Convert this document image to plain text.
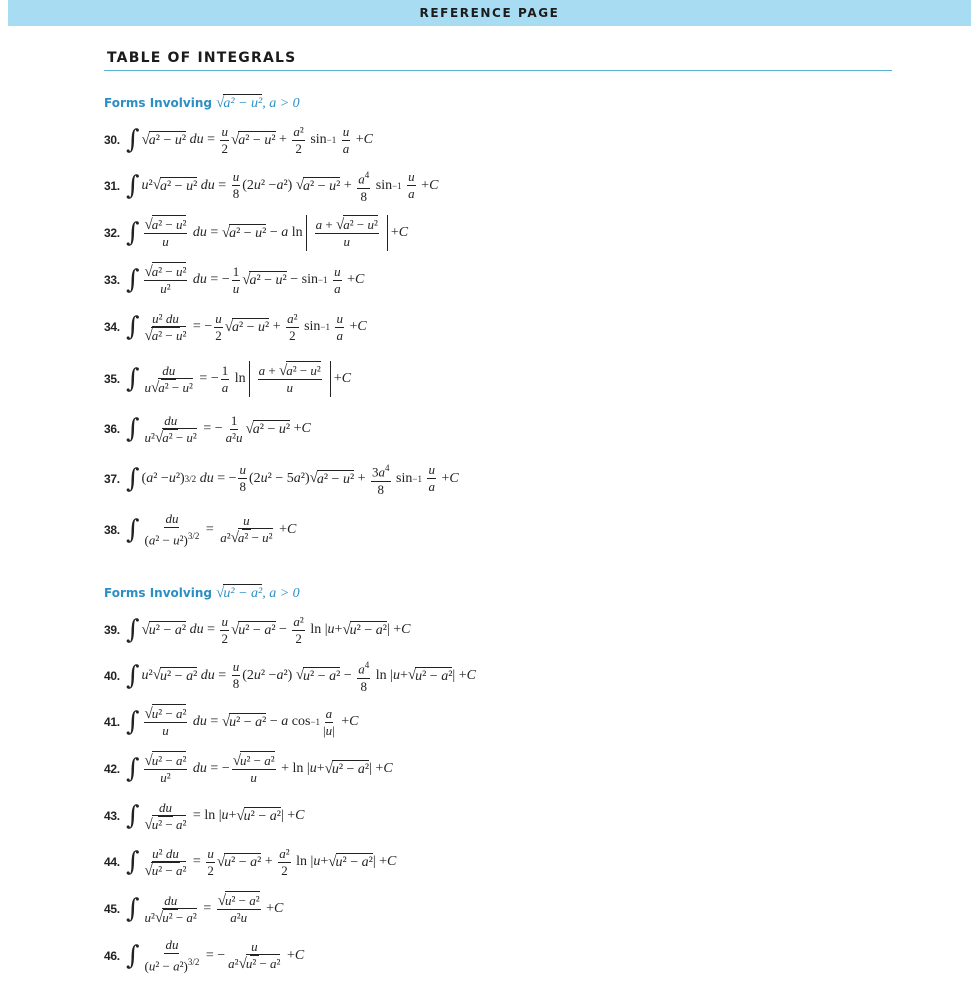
REFERENCE PAGE
TABLE OF INTEGRALS
Forms Involving √a² − u², a > 0
30. ∫ √ a² − u²
du = $\frac{u}{2}$ √ $a^2 - u^2 + \frac{\text{a²}}{2}$ sin −1
$\frac{u}{a} + C$
31. ∫ u ² √ a² − u²
du = $\frac{u}{8} (2$ u ² − a ²) √ $a^2 - u^2 + \frac{a^4}{8}$ sin −1
$\frac{u}{a} + C$
32. ∫ $\frac{\text{√a² − u²}}{u}$
du = √ a² − u² − a $\ln \frac{\text{a + √a² − u²}}{u} + C$
33. ∫ $\frac{\text{√a² − u²}}{\text{u²}}$
du = − $\frac{1}{u}$ √ a² − u² − sin −1
$\frac{u}{a} + C$
34. ∫ $\frac{\text{u² du}}{\text{√a² − u²}}$ = − $\frac{u}{2}$ √ $a^2 - u^2 + \frac{\text{a²}}{2}$ sin −1
$\frac{u}{a} + C$
35. ∫ $\frac{du}{\text{u√a² − u²}}$ = − $\frac{1}{a}$ $\ln \frac{\text{a + √a² − u²}}{u} + C$
36. ∫ $\frac{du}{\text{u²√a² − u²}}$ = − $\frac{1}{\text{a²u}}$ √ a² − u² + C
37. ∫ ( a ² − u ²) 3/2
du = − $\frac{u}{8} (2$ u ² − 5 a ²) √ $a^2 - u^2 + \frac{3a^4}{8}$ sin −1
$\frac{u}{a} + C$
38. ∫ $\frac{du}{(a^2 - u^2)^{3/2}} = \frac{u}{\text{a²√a² − u²}} + C$
Forms Involving √u² − a², a > 0
39. ∫ √ u² − a²
du = $\frac{u}{2}$ √ $u^2 - a^2 - \frac{\text{a²}}{2}$ ln | u + √ u² − a² | + C
40. ∫ u ² √ u² − a²
du = $\frac{u}{8} (2$ u ² − a ²) √ $u^2 - a^2 - \frac{a^4}{8}$ ln | u + √ u² − a² | + C
41. ∫ $\frac{\text{√u² − a²}}{u}$
du = √ u² − a² − a $\cos -1 \frac{a}{|u|} + C$
42. ∫ $\frac{\text{√u² − a²}}{\text{u²}}$
du = − $\frac{\text{√u² − a²}}{u} + \ln$ | u + √ u² − a² | + C
43. ∫ $\frac{du}{\text{√u² − a²}} = \ln$ | u + √ u² − a² | + C
44. ∫ $\frac{\text{u² du}}{\text{√u² − a²}} = \frac{u}{2}$ √ $u^2 - a^2 + \frac{\text{a²}}{2}$ ln | u + √ u² − a² | + C
45. ∫ $\frac{du}{\text{u²√u² − a²}} = \frac{\text{√u² − a²}}{\text{a²u}} + C$
46. ∫ $\frac{du}{(u^2 - a^2)^{3/2}}$ = − $\frac{u}{\text{a²√u² − a²}} + C$
